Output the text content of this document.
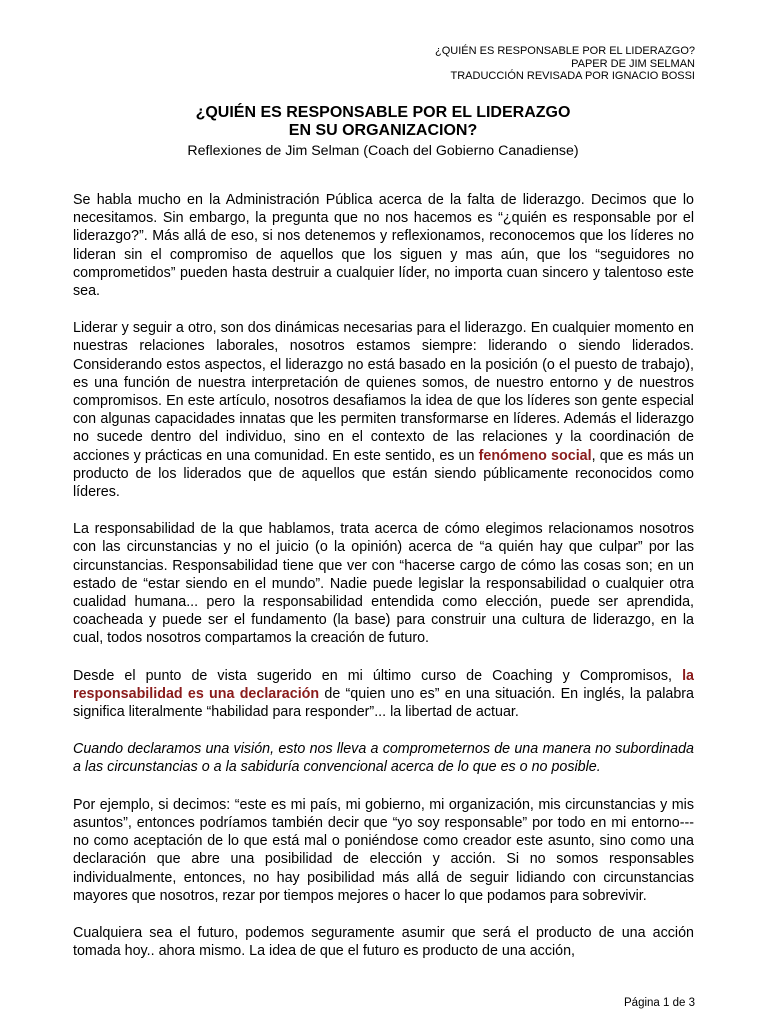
¿QUIÉN ES RESPONSABLE POR EL LIDERAZGO?
PAPER DE JIM SELMAN
TRADUCCIÓN REVISADA POR IGNACIO BOSSI
¿QUIÉN ES RESPONSABLE POR EL LIDERAZGO
EN SU ORGANIZACION?
Reflexiones de Jim Selman (Coach del Gobierno Canadiense)

Se habla mucho en la Administración Pública acerca de la falta de liderazgo. Decimos que lo necesitamos. Sin embargo, la pregunta que no nos hacemos es “¿quién es responsable por el liderazgo?”. Más allá de eso, si nos detenemos y reflexionamos, reconocemos que los líderes no lideran sin el compromiso de aquellos que los siguen y mas aún, que los “seguidores no comprometidos” pueden hasta destruir a cualquier líder, no importa cuan sincero y talentoso este sea.

Liderar y seguir a otro, son dos dinámicas necesarias para el liderazgo. En cualquier momento en nuestras relaciones laborales, nosotros estamos siempre: liderando o siendo liderados. Considerando estos aspectos, el liderazgo no está basado en la posición (o el puesto de trabajo), es una función de nuestra interpretación de quienes somos, de nuestro entorno y de nuestros compromisos. En este artículo, nosotros desafiamos la idea de que los líderes son gente especial con algunas capacidades innatas que les permiten transformarse en líderes. Además el liderazgo no sucede dentro del individuo, sino en el contexto de las relaciones y la coordinación de acciones y prácticas en una comunidad. En este sentido, es un fenómeno social, que es más un producto de los liderados que de aquellos que están siendo públicamente reconocidos como líderes.

La responsabilidad de la que hablamos, trata acerca de cómo elegimos relacionamos nosotros con las circunstancias y no el juicio (o la opinión) acerca de “a quién hay que culpar” por las circunstancias. Responsabilidad tiene que ver con “hacerse cargo de cómo las cosas son; en un estado de “estar siendo en el mundo”. Nadie puede legislar la responsabilidad o cualquier otra cualidad humana... pero la responsabilidad entendida como elección, puede ser aprendida, coacheada y puede ser el fundamento (la base) para construir una cultura de liderazgo, en la cual, todos nosotros compartamos la creación de futuro.

Desde el punto de vista sugerido en mi último curso de Coaching y Compromisos, la responsabilidad es una declaración de “quien uno es” en una situación. En inglés, la palabra significa literalmente “habilidad para responder”... la libertad de actuar.

Cuando declaramos una visión, esto nos lleva a comprometernos de una manera no subordinada a las circunstancias o a la sabiduría convencional acerca de lo que es o no posible.

Por ejemplo, si decimos: “este es mi país, mi gobierno, mi organización, mis circunstancias y mis asuntos”, entonces podríamos también decir que “yo soy responsable” por todo en mi entorno--- no como aceptación de lo que está mal o poniéndose como creador este asunto, sino como una declaración que abre una posibilidad de elección y acción. Si no somos responsables individualmente, entonces, no hay posibilidad más allá de seguir lidiando con circunstancias mayores que nosotros, rezar por tiempos mejores o hacer lo que podamos para sobrevivir.

Cualquiera sea el futuro, podemos seguramente asumir que será el producto de una acción tomada hoy.. ahora mismo. La idea de que el futuro es producto de una acción,

Página 1 de 3
